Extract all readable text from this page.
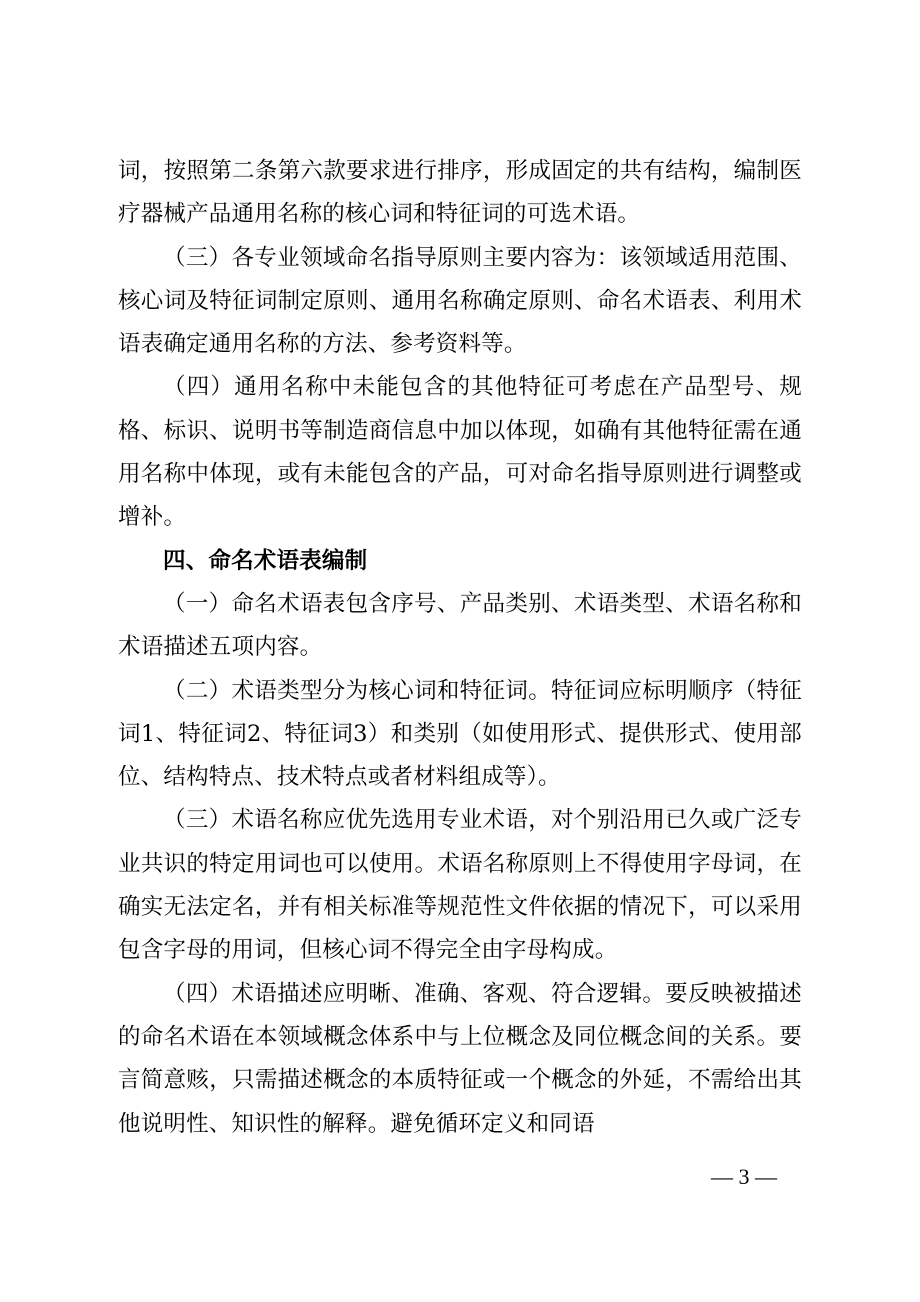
词，按照第二条第六款要求进行排序，形成固定的共有结构，编制医疗器械产品通用名称的核心词和特征词的可选术语。

（三）各专业领域命名指导原则主要内容为：该领域适用范围、核心词及特征词制定原则、通用名称确定原则、命名术语表、利用术语表确定通用名称的方法、参考资料等。

（四）通用名称中未能包含的其他特征可考虑在产品型号、规格、标识、说明书等制造商信息中加以体现，如确有其他特征需在通用名称中体现，或有未能包含的产品，可对命名指导原则进行调整或增补。

四、命名术语表编制

（一）命名术语表包含序号、产品类别、术语类型、术语名称和术语描述五项内容。

（二）术语类型分为核心词和特征词。特征词应标明顺序（特征词1、特征词2、特征词3）和类别（如使用形式、提供形式、使用部位、结构特点、技术特点或者材料组成等）。

（三）术语名称应优先选用专业术语，对个别沿用已久或广泛专业共识的特定用词也可以使用。术语名称原则上不得使用字母词，在确实无法定名，并有相关标准等规范性文件依据的情况下，可以采用包含字母的用词，但核心词不得完全由字母构成。

（四）术语描述应明晰、准确、客观、符合逻辑。要反映被描述的命名术语在本领域概念体系中与上位概念及同位概念间的关系。要言简意赅，只需描述概念的本质特征或一个概念的外延，不需给出其他说明性、知识性的解释。避免循环定义和同语

— 3 —
